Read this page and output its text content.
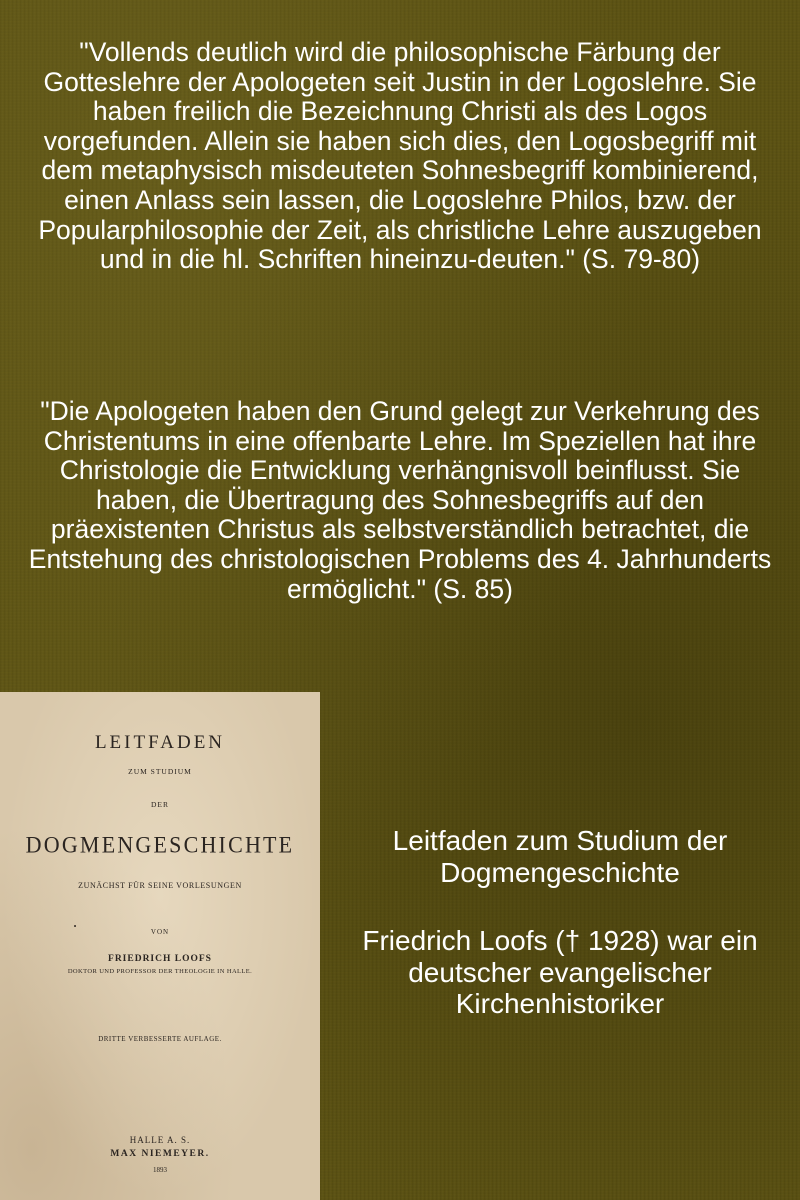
"Vollends deutlich wird die philosophische Färbung der Gotteslehre der Apologeten seit Justin in der Logoslehre. Sie haben freilich die Bezeichnung Christi als des Logos vorgefunden. Allein sie haben sich dies, den Logosbegriff mit dem metaphysisch misdeuteten Sohnesbegriff kombinierend, einen Anlass sein lassen, die Logoslehre Philos, bzw. der Popularphilosophie der Zeit, als christliche Lehre auszugeben und in die hl. Schriften hineinzu-deuten." (S. 79-80)

"Die Apologeten haben den Grund gelegt zur Verkehrung des Christentums in eine offenbarte Lehre. Im Speziellen hat ihre Christologie die Entwicklung verhängnisvoll beinflusst. Sie haben, die Übertragung des Sohnesbegriffs auf den präexistenten Christus als selbstverständlich betrachtet, die Entstehung des christologischen Problems des 4. Jahrhunderts ermöglicht." (S. 85)

LEITFADEN

ZUM STUDIUM

DER

DOGMENGESCHICHTE

ZUNÄCHST FÜR SEINE VORLESUNGEN

•

VON

FRIEDRICH LOOFS

DOKTOR UND PROFESSOR DER THEOLOGIE IN HALLE.

DRITTE VERBESSERTE AUFLAGE.

HALLE A. S.

MAX NIEMEYER.

1893

Leitfaden zum Studium der Dogmengeschichte

Friedrich Loofs († 1928) war ein deutscher evangelischer Kirchenhistoriker
